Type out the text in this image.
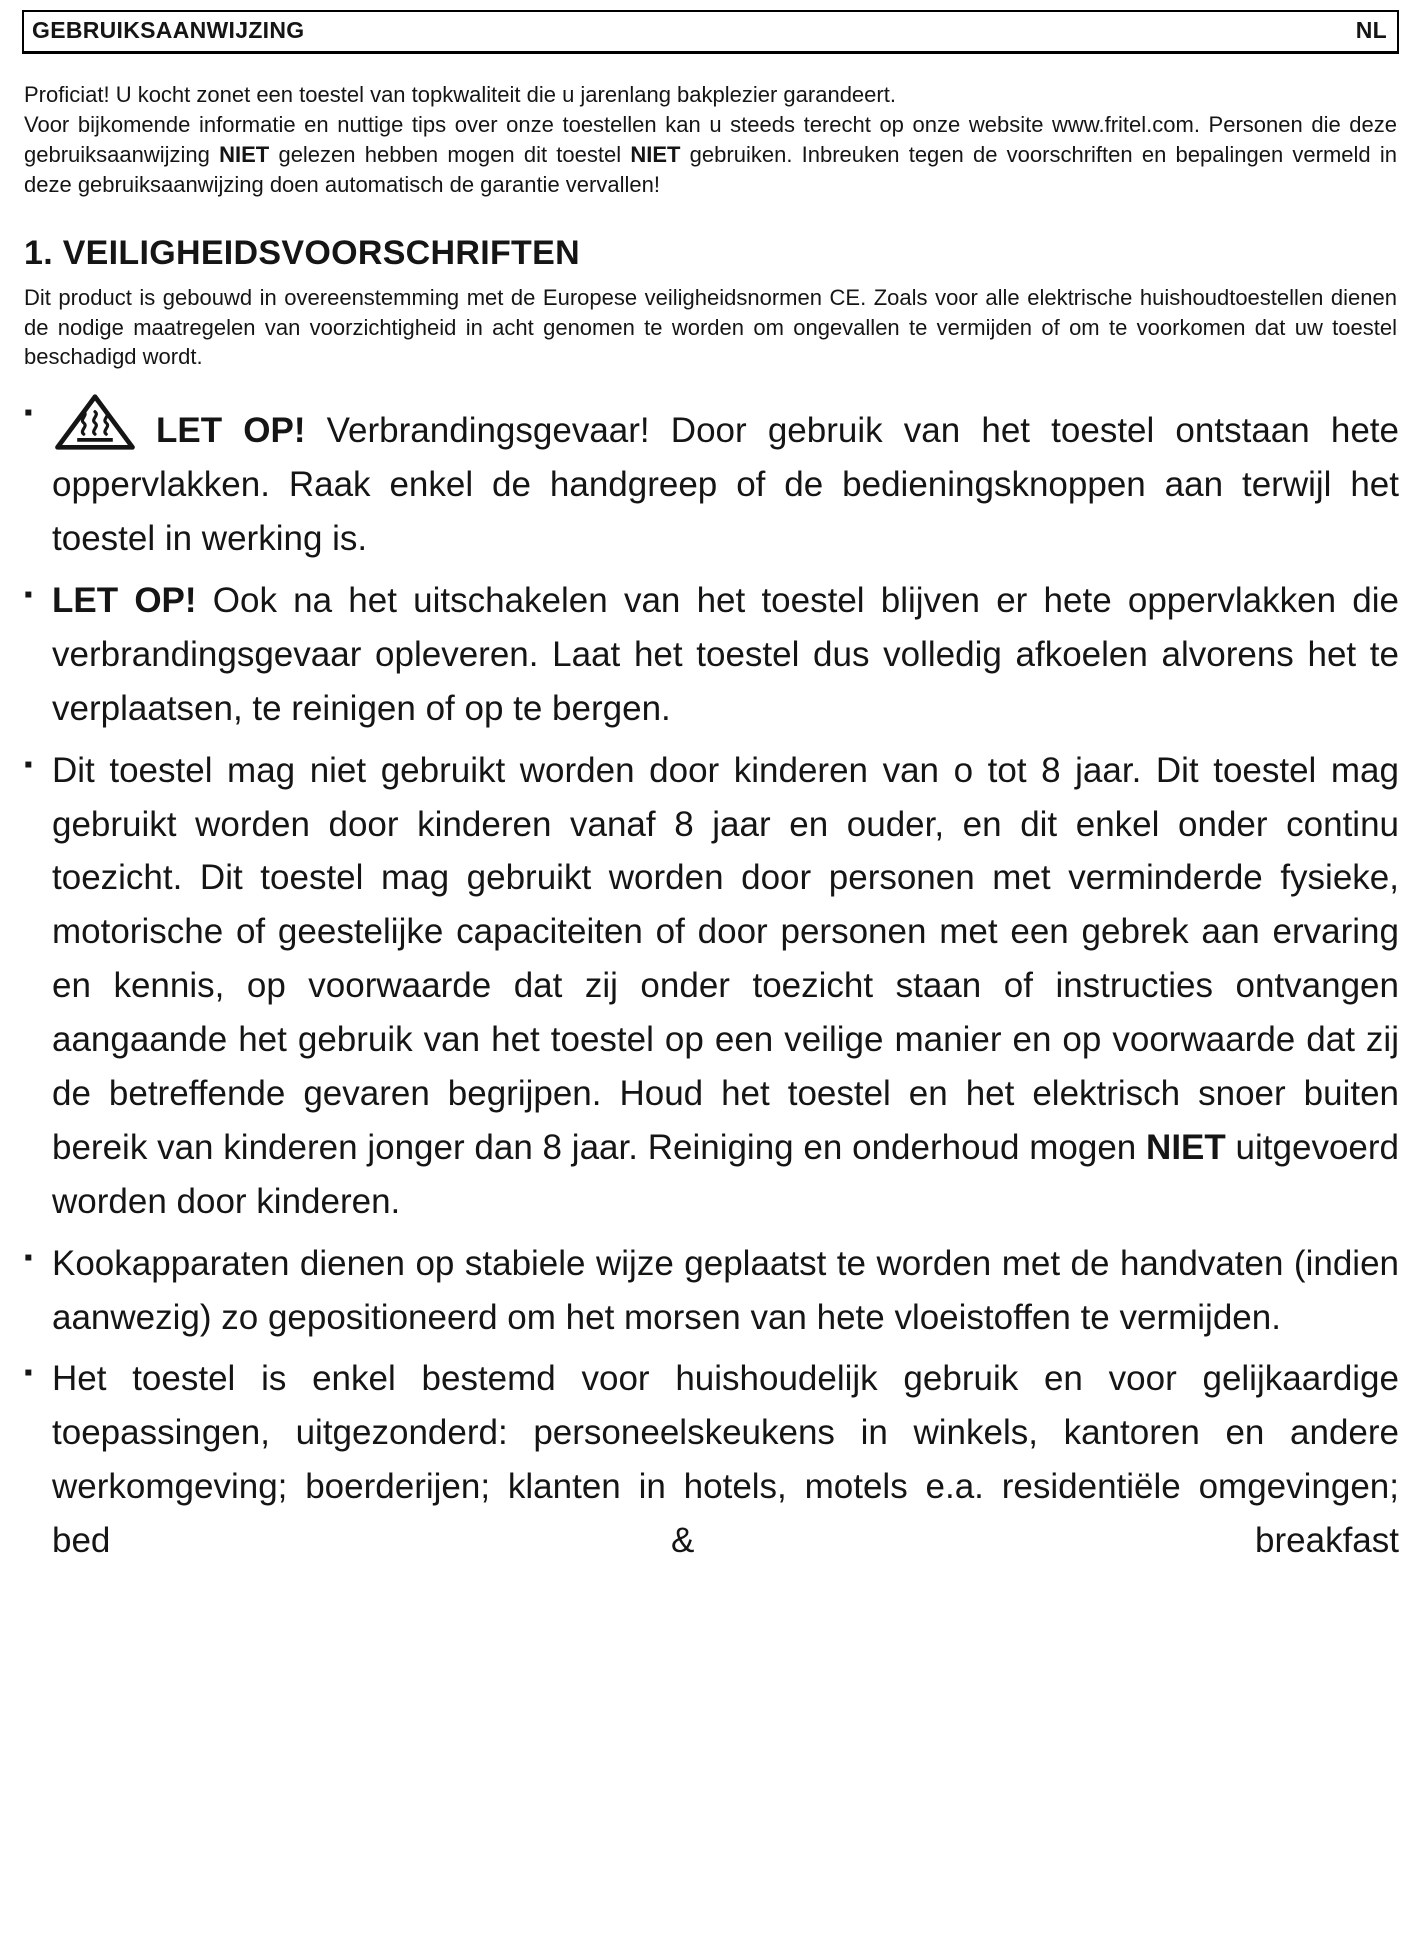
GEBRUIKSAANWIJZING	NL

Proficiat! U kocht zonet een toestel van topkwaliteit die u jarenlang bakplezier garandeert.

Voor bijkomende informatie en nuttige tips over onze toestellen kan u steeds terecht op onze website www.fritel.com. Personen die deze gebruiksaanwijzing NIET gelezen hebben mogen dit toestel NIET gebruiken. Inbreuken tegen de voorschriften en bepalingen vermeld in deze gebruiksaanwijzing doen automatisch de garantie vervallen!

1. VEILIGHEIDSVOORSCHRIFTEN

Dit product is gebouwd in overeenstemming met de Europese veiligheidsnormen CE. Zoals voor alle elektrische huishoudtoestellen dienen de nodige maatregelen van voorzichtigheid in acht genomen te worden om ongevallen te vermijden of om te voorkomen dat uw toestel beschadigd wordt.

▪	LET OP! Verbrandingsgevaar! Door gebruik van het toestel ontstaan hete oppervlakken. Raak enkel de handgreep of de bedieningsknoppen aan terwijl het toestel in werking is.
▪ LET OP! Ook na het uitschakelen van het toestel blijven er hete oppervlakken die verbrandingsgevaar opleveren. Laat het toestel dus volledig afkoelen alvorens het te verplaatsen, te reinigen of op te bergen.
▪ Dit toestel mag niet gebruikt worden door kinderen van o tot 8 jaar. Dit toestel mag gebruikt worden door kinderen vanaf 8 jaar en ouder, en dit enkel onder continu toezicht. Dit toestel mag gebruikt worden door personen met verminderde fysieke, motorische of geestelijke capaciteiten of door personen met een gebrek aan ervaring en kennis, op voorwaarde dat zij onder toezicht staan of instructies ontvangen aangaande het gebruik van het toestel op een veilige manier en op voorwaarde dat zij de betreffende gevaren begrijpen. Houd het toestel en het elektrisch snoer buiten bereik van kinderen jonger dan 8 jaar. Reiniging en onderhoud mogen NIET uitgevoerd worden door kinderen.
▪ Kookapparaten dienen op stabiele wijze geplaatst te worden met de handvaten (indien aanwezig) zo gepositioneerd om het morsen van hete vloeistoffen te vermijden.
▪ Het toestel is enkel bestemd voor huishoudelijk gebruik en voor gelijkaardige toepassingen, uitgezonderd: personeelskeukens in winkels, kantoren en andere werkomgeving; boerderijen; klanten in hotels, motels e.a. residentiële omgevingen; bed & breakfast
